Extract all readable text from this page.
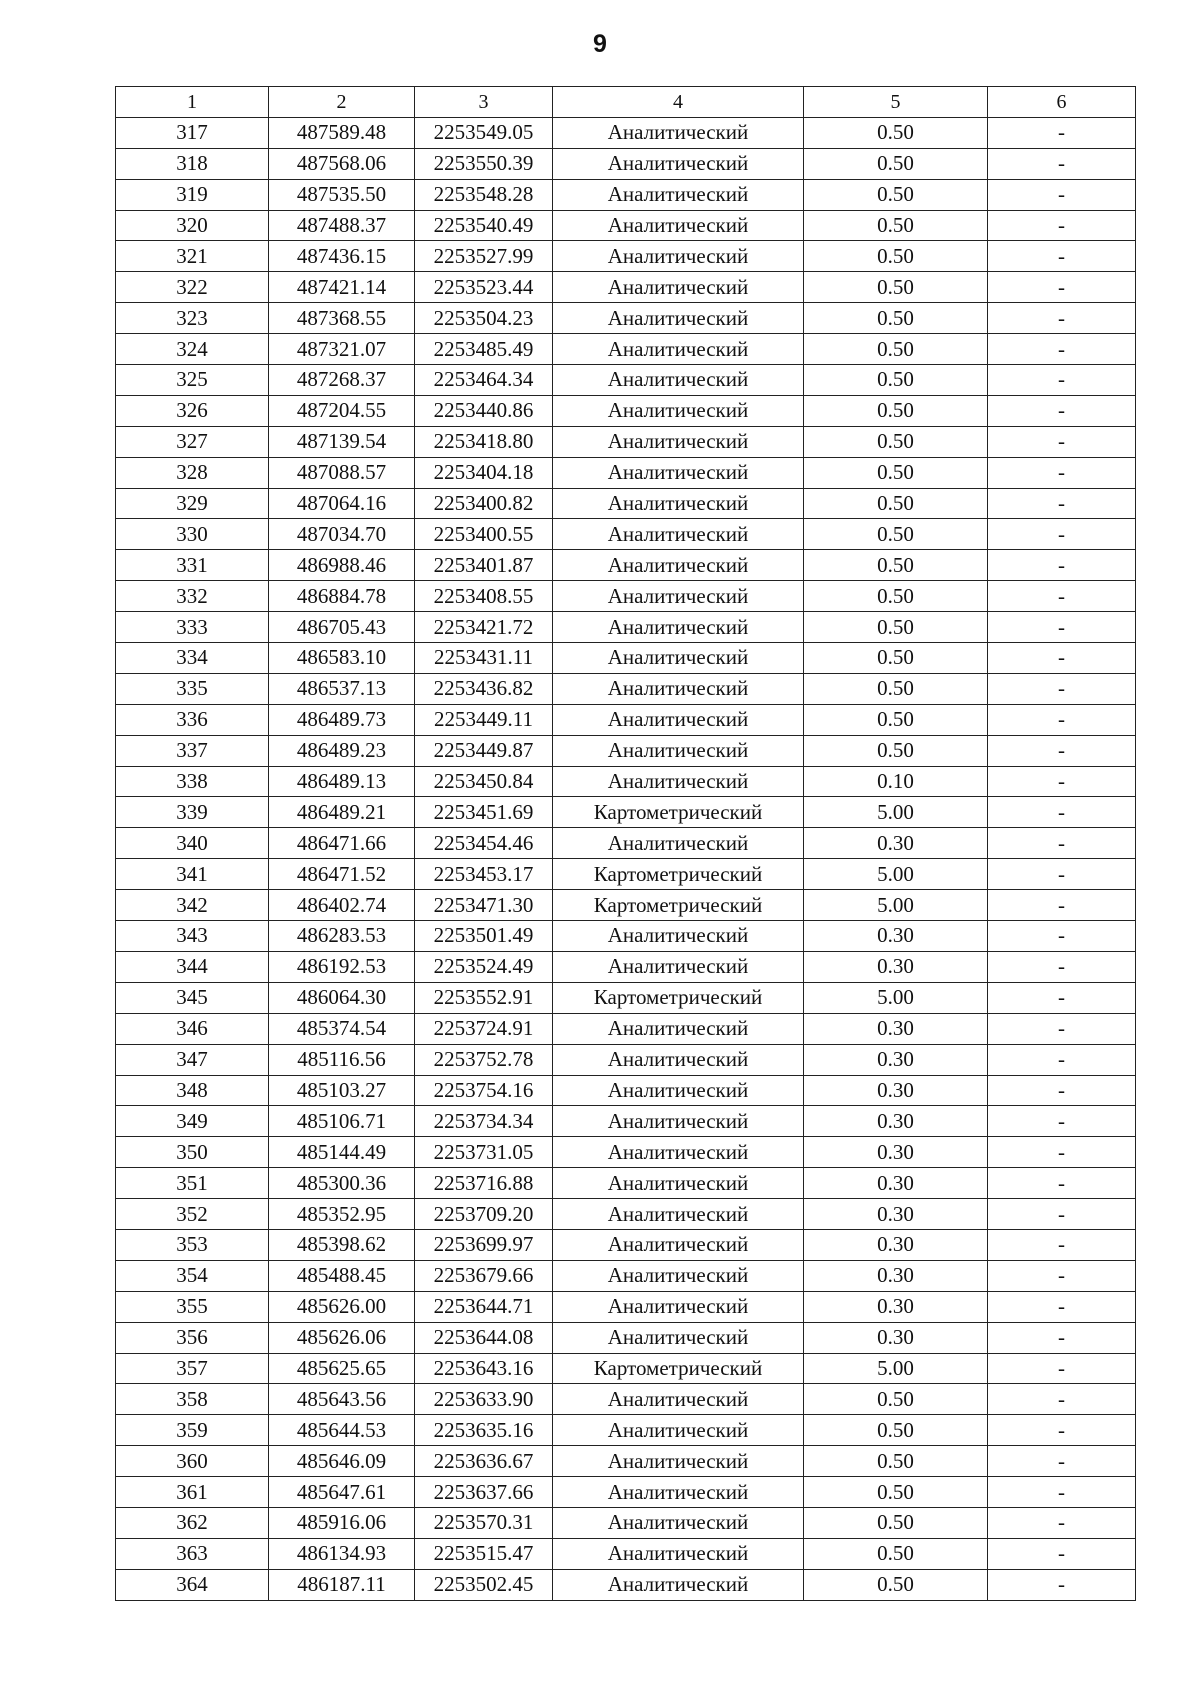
9
1	2	3	4	5	6
317	487589.48	2253549.05	Аналитический	0.50	-
318	487568.06	2253550.39	Аналитический	0.50	-
319	487535.50	2253548.28	Аналитический	0.50	-
320	487488.37	2253540.49	Аналитический	0.50	-
321	487436.15	2253527.99	Аналитический	0.50	-
322	487421.14	2253523.44	Аналитический	0.50	-
323	487368.55	2253504.23	Аналитический	0.50	-
324	487321.07	2253485.49	Аналитический	0.50	-
325	487268.37	2253464.34	Аналитический	0.50	-
326	487204.55	2253440.86	Аналитический	0.50	-
327	487139.54	2253418.80	Аналитический	0.50	-
328	487088.57	2253404.18	Аналитический	0.50	-
329	487064.16	2253400.82	Аналитический	0.50	-
330	487034.70	2253400.55	Аналитический	0.50	-
331	486988.46	2253401.87	Аналитический	0.50	-
332	486884.78	2253408.55	Аналитический	0.50	-
333	486705.43	2253421.72	Аналитический	0.50	-
334	486583.10	2253431.11	Аналитический	0.50	-
335	486537.13	2253436.82	Аналитический	0.50	-
336	486489.73	2253449.11	Аналитический	0.50	-
337	486489.23	2253449.87	Аналитический	0.50	-
338	486489.13	2253450.84	Аналитический	0.10	-
339	486489.21	2253451.69	Картометрический	5.00	-
340	486471.66	2253454.46	Аналитический	0.30	-
341	486471.52	2253453.17	Картометрический	5.00	-
342	486402.74	2253471.30	Картометрический	5.00	-
343	486283.53	2253501.49	Аналитический	0.30	-
344	486192.53	2253524.49	Аналитический	0.30	-
345	486064.30	2253552.91	Картометрический	5.00	-
346	485374.54	2253724.91	Аналитический	0.30	-
347	485116.56	2253752.78	Аналитический	0.30	-
348	485103.27	2253754.16	Аналитический	0.30	-
349	485106.71	2253734.34	Аналитический	0.30	-
350	485144.49	2253731.05	Аналитический	0.30	-
351	485300.36	2253716.88	Аналитический	0.30	-
352	485352.95	2253709.20	Аналитический	0.30	-
353	485398.62	2253699.97	Аналитический	0.30	-
354	485488.45	2253679.66	Аналитический	0.30	-
355	485626.00	2253644.71	Аналитический	0.30	-
356	485626.06	2253644.08	Аналитический	0.30	-
357	485625.65	2253643.16	Картометрический	5.00	-
358	485643.56	2253633.90	Аналитический	0.50	-
359	485644.53	2253635.16	Аналитический	0.50	-
360	485646.09	2253636.67	Аналитический	0.50	-
361	485647.61	2253637.66	Аналитический	0.50	-
362	485916.06	2253570.31	Аналитический	0.50	-
363	486134.93	2253515.47	Аналитический	0.50	-
364	486187.11	2253502.45	Аналитический	0.50	-
